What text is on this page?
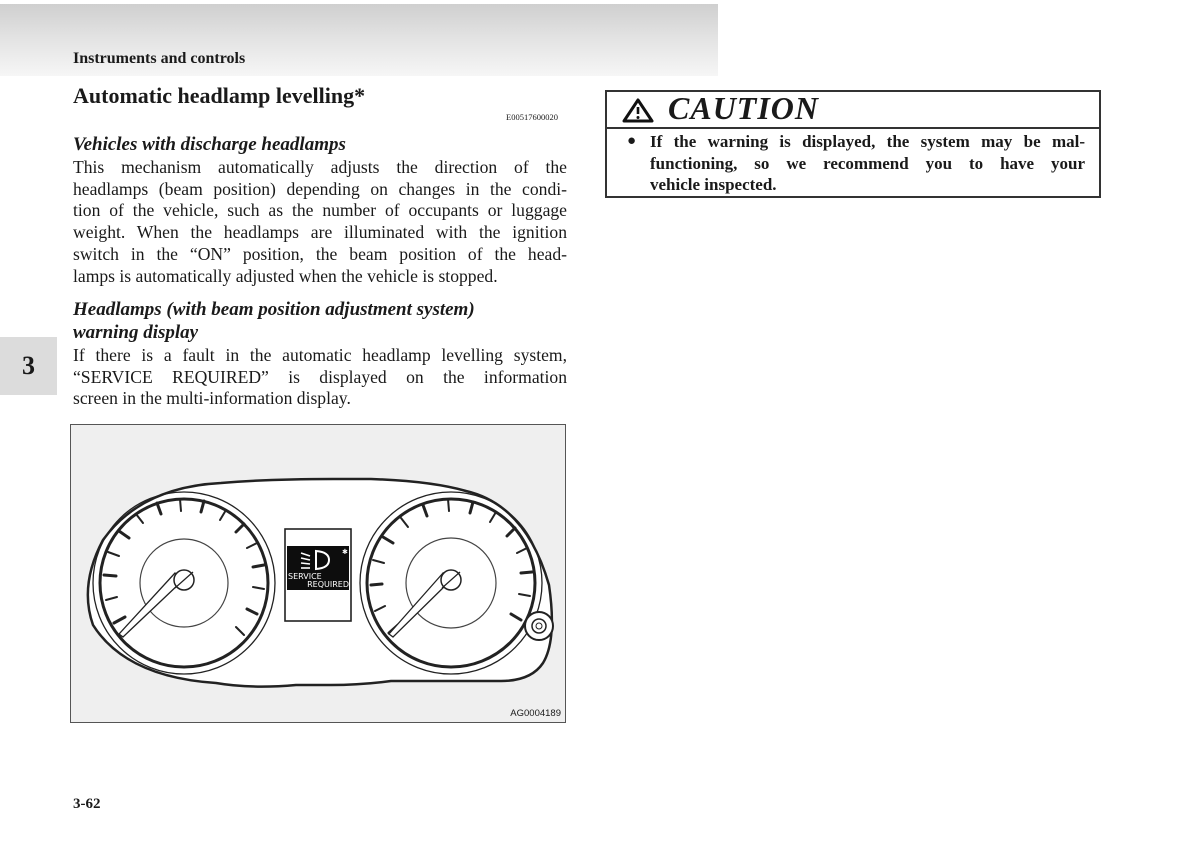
Instruments and controls
3
Automatic headlamp levelling*
E00517600020
Vehicles with discharge headlamps
This mechanism automatically adjusts the direction of the
headlamps (beam position) depending on changes in the condi-
tion of the vehicle, such as the number of occupants or luggage
weight. When the headlamps are illuminated with the ignition
switch in the “ON” position, the beam position of the head-
lamps is automatically adjusted when the vehicle is stopped.
Headlamps (with beam position adjustment system)
warning display
If there is a fault in the automatic headlamp levelling system,
“SERVICE REQUIRED” is displayed on the information
screen in the multi-information display.
✱
SERVICE
REQUIRED
AG0004189
CAUTION
● If the warning is displayed, the system may be mal-
functioning, so we recommend you to have your
vehicle inspected.
3-62
